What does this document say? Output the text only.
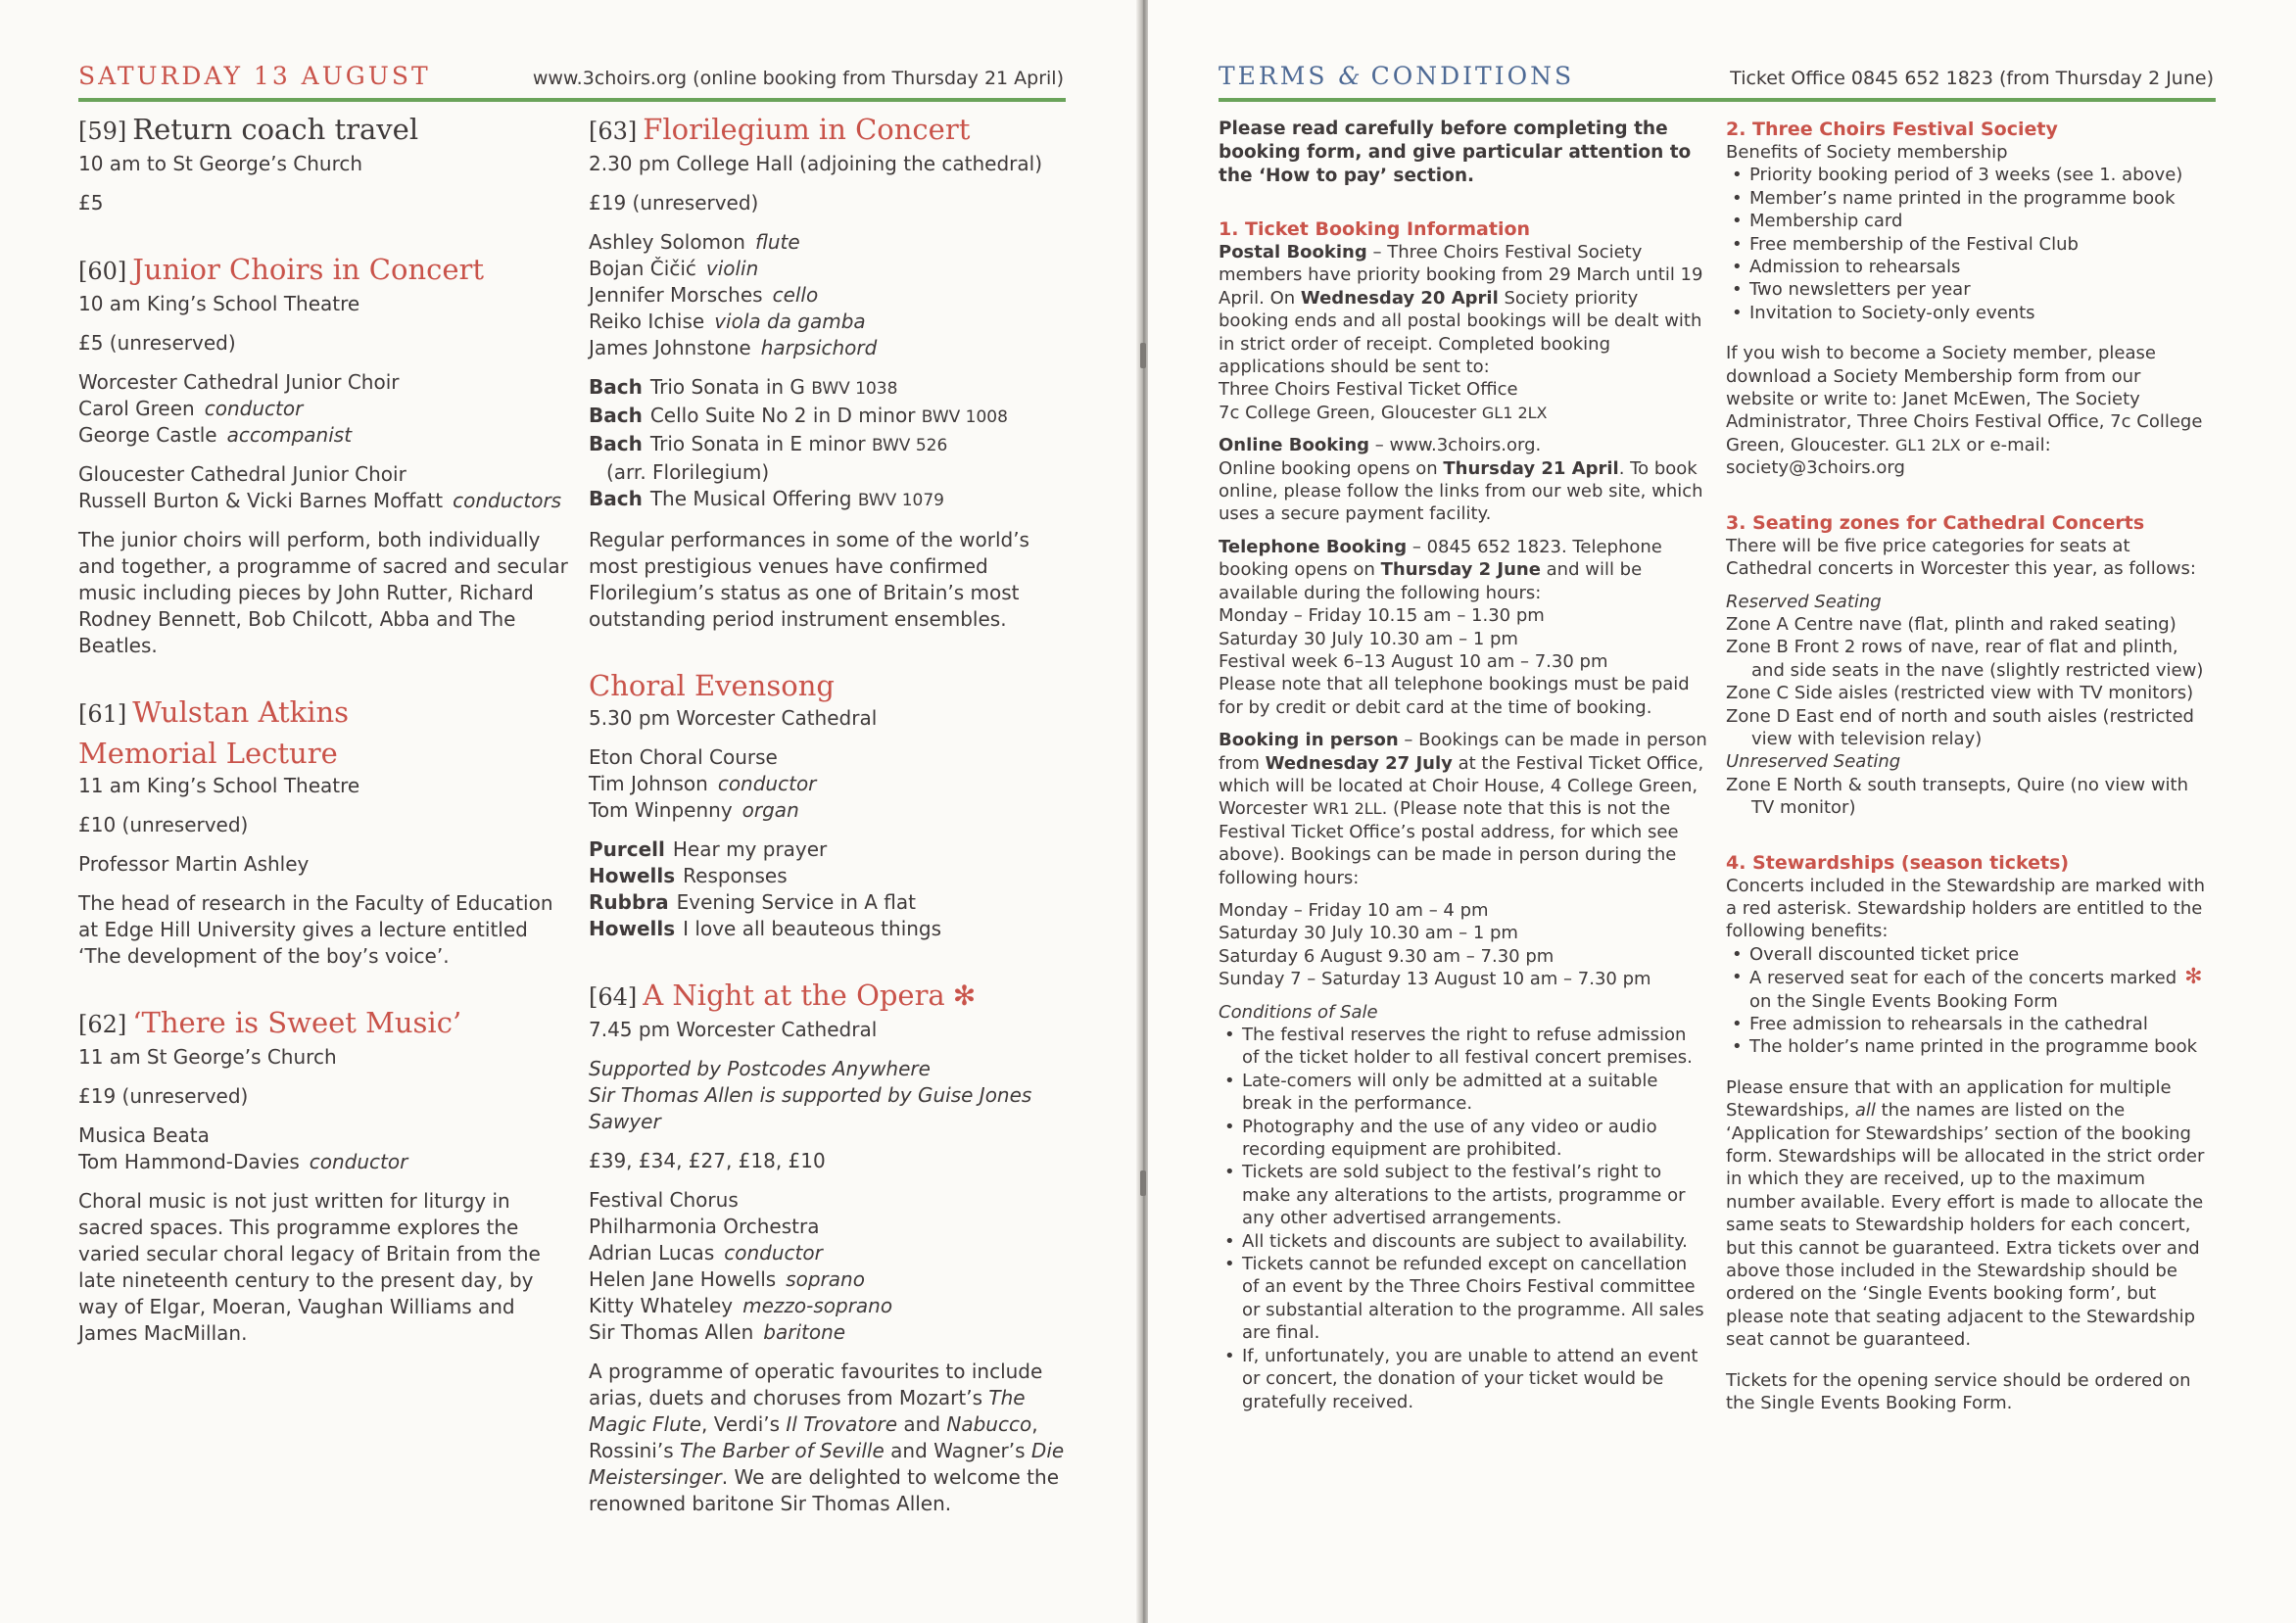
SATURDAY 13 AUGUST	www.3choirs.org (online booking from Thursday 21 April)
[59] Return coach travel
10 am to St George’s Church
£5
[60] Junior Choirs in Concert
10 am King’s School Theatre
£5 (unreserved)
Worcester Cathedral Junior Choir
Carol Green conductor
George Castle accompanist
Gloucester Cathedral Junior Choir
Russell Burton & Vicki Barnes Moffatt conductors
The junior choirs will perform, both individually and together, a programme of sacred and secular music including pieces by John Rutter, Richard Rodney Bennett, Bob Chilcott, Abba and The Beatles.
[61] Wulstan Atkins
Memorial Lecture
11 am King’s School Theatre
£10 (unreserved)
Professor Martin Ashley
The head of research in the Faculty of Education at Edge Hill University gives a lecture entitled ‘The development of the boy’s voice’.
[62] ‘There is Sweet Music’
11 am St George’s Church
£19 (unreserved)
Musica Beata
Tom Hammond-Davies conductor
Choral music is not just written for liturgy in sacred spaces. This programme explores the varied secular choral legacy of Britain from the late nineteenth century to the present day, by way of Elgar, Moeran, Vaughan Williams and James MacMillan.
[63] Florilegium in Concert
2.30 pm College Hall (adjoining the cathedral)
£19 (unreserved)
Ashley Solomon flute
Bojan Čičić violin
Jennifer Morsches cello
Reiko Ichise viola da gamba
James Johnstone harpsichord
Bach Trio Sonata in G BWV 1038
Bach Cello Suite No 2 in D minor BWV 1008
Bach Trio Sonata in E minor BWV 526
(arr. Florilegium)
Bach The Musical Offering BWV 1079
Regular performances in some of the world’s most prestigious venues have confirmed Florilegium’s status as one of Britain’s most outstanding period instrument ensembles.
Choral Evensong
5.30 pm Worcester Cathedral
Eton Choral Course
Tim Johnson conductor
Tom Winpenny organ
Purcell Hear my prayer
Howells Responses
Rubbra Evening Service in A flat
Howells I love all beauteous things
[64] A Night at the Opera ✻
7.45 pm Worcester Cathedral
Supported by Postcodes Anywhere
Sir Thomas Allen is supported by Guise Jones Sawyer
£39, £34, £27, £18, £10
Festival Chorus
Philharmonia Orchestra
Adrian Lucas conductor
Helen Jane Howells soprano
Kitty Whateley mezzo-soprano
Sir Thomas Allen baritone
A programme of operatic favourites to include arias, duets and choruses from Mozart’s The Magic Flute, Verdi’s Il Trovatore and Nabucco, Rossini’s The Barber of Seville and Wagner’s Die Meistersinger. We are delighted to welcome the renowned baritone Sir Thomas Allen.
TERMS & CONDITIONS	Ticket Office 0845 652 1823 (from Thursday 2 June)
Please read carefully before completing the booking form, and give particular attention to the ‘How to pay’ section.
1. Ticket Booking Information
Postal Booking – Three Choirs Festival Society members have priority booking from 29 March until 19 April. On Wednesday 20 April Society priority booking ends and all postal bookings will be dealt with in strict order of receipt. Completed booking applications should be sent to:
Three Choirs Festival Ticket Office
7c College Green, Gloucester GL1 2LX
Online Booking – www.3choirs.org.
Online booking opens on Thursday 21 April. To book online, please follow the links from our web site, which uses a secure payment facility.
Telephone Booking – 0845 652 1823. Telephone booking opens on Thursday 2 June and will be available during the following hours:
Monday – Friday 10.15 am – 1.30 pm
Saturday 30 July 10.30 am – 1 pm
Festival week 6–13 August 10 am – 7.30 pm
Please note that all telephone bookings must be paid for by credit or debit card at the time of booking.
Booking in person – Bookings can be made in person from Wednesday 27 July at the Festival Ticket Office, which will be located at Choir House, 4 College Green, Worcester WR1 2LL. (Please note that this is not the Festival Ticket Office’s postal address, for which see above). Bookings can be made in person during the following hours:
Monday – Friday 10 am – 4 pm
Saturday 30 July 10.30 am – 1 pm
Saturday 6 August 9.30 am – 7.30 pm
Sunday 7 – Saturday 13 August 10 am – 7.30 pm
Conditions of Sale
• The festival reserves the right to refuse admission of the ticket holder to all festival concert premises.
• Late-comers will only be admitted at a suitable break in the performance.
• Photography and the use of any video or audio recording equipment are prohibited.
• Tickets are sold subject to the festival’s right to make any alterations to the artists, programme or any other advertised arrangements.
• All tickets and discounts are subject to availability.
• Tickets cannot be refunded except on cancellation of an event by the Three Choirs Festival committee or substantial alteration to the programme. All sales are final.
• If, unfortunately, you are unable to attend an event or concert, the donation of your ticket would be gratefully received.
2. Three Choirs Festival Society
Benefits of Society membership
• Priority booking period of 3 weeks (see 1. above)
• Member’s name printed in the programme book
• Membership card
• Free membership of the Festival Club
• Admission to rehearsals
• Two newsletters per year
• Invitation to Society-only events
If you wish to become a Society member, please download a Society Membership form from our website or write to: Janet McEwen, The Society Administrator, Three Choirs Festival Office, 7c College Green, Gloucester. GL1 2LX or e-mail: society@3choirs.org
3. Seating zones for Cathedral Concerts
There will be five price categories for seats at Cathedral concerts in Worcester this year, as follows:
Reserved Seating
Zone A Centre nave (flat, plinth and raked seating)
Zone B Front 2 rows of nave, rear of flat and plinth, and side seats in the nave (slightly restricted view)
Zone C Side aisles (restricted view with TV monitors)
Zone D East end of north and south aisles (restricted view with television relay)
Unreserved Seating
Zone E North & south transepts, Quire (no view with TV monitor)
4. Stewardships (season tickets)
Concerts included in the Stewardship are marked with a red asterisk. Stewardship holders are entitled to the following benefits:
• Overall discounted ticket price
• A reserved seat for each of the concerts marked ✻
on the Single Events Booking Form
• Free admission to rehearsals in the cathedral
• The holder’s name printed in the programme book
Please ensure that with an application for multiple Stewardships, all the names are listed on the ‘Application for Stewardships’ section of the booking form. Stewardships will be allocated in the strict order in which they are received, up to the maximum number available. Every effort is made to allocate the same seats to Stewardship holders for each concert, but this cannot be guaranteed. Extra tickets over and above those included in the Stewardship should be ordered on the ‘Single Events booking form’, but please note that seating adjacent to the Stewardship seat cannot be guaranteed.
Tickets for the opening service should be ordered on the Single Events Booking Form.
